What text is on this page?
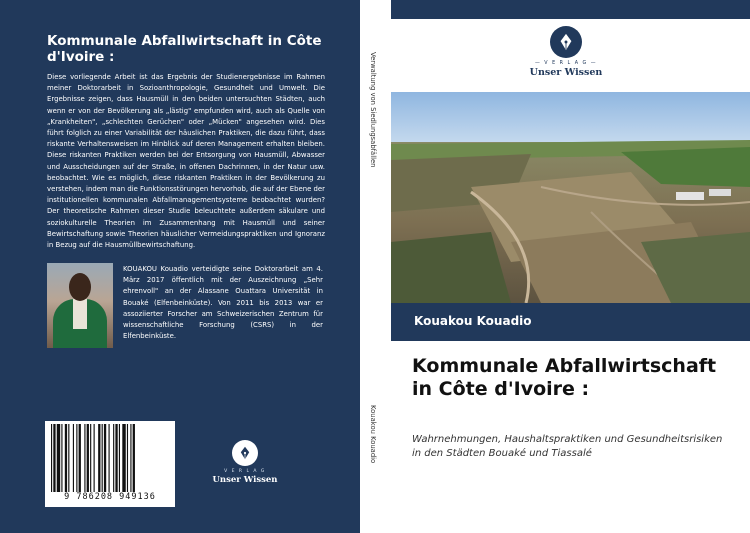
Kommunale Abfallwirtschaft in Côte d'Ivoire :

Diese vorliegende Arbeit ist das Ergebnis der Studienergebnisse im Rahmen meiner Doktorarbeit in Sozioanthropologie, Gesundheit und Umwelt. Die Ergebnisse zeigen, dass Hausmüll in den beiden untersuchten Städten, auch wenn er von der Bevölkerung als „lästig" empfunden wird, auch als Quelle von „Krankheiten", „schlechten Gerüchen" oder „Mücken" angesehen wird. Dies führt folglich zu einer Variabilität der häuslichen Praktiken, die dazu führt, dass riskante Verhaltensweisen im Hinblick auf deren Management erhalten bleiben. Diese riskanten Praktiken werden bei der Entsorgung von Hausmüll, Abwasser und Ausscheidungen auf der Straße, in offenen Dachrinnen, in der Natur usw. beobachtet. Wie es möglich, diese riskanten Praktiken in der Bevölkerung zu verstehen, indem man die Funktionsstörungen hervorhob, die auf der Ebene der institutionellen kommunalen Abfallmanagementsysteme beobachtet wurden? Der theoretische Rahmen dieser Studie beleuchtete außerdem säkulare und soziokulturelle Theorien im Zusammenhang mit Hausmüll und seiner Bewirtschaftung sowie Theorien häuslicher Vermeidungspraktiken und Ignoranz in Bezug auf die Hausmüllbewirtschaftung.

KOUAKOU Kouadio verteidigte seine Doktorarbeit am 4. März 2017 öffentlich mit der Auszeichnung „Sehr ehrenvoll" an der Alassane Ouattara Universität in Bouaké (Elfenbeinküste). Von 2011 bis 2013 war er assoziierter Forscher am Schweizerischen Zentrum für wissenschaftliche Forschung (CSRS) in der Elfenbeinküste.

9 786208 949136
V E R L A G
Unser Wissen
Verwaltung von Siedlungsabfällen
Kouakou Kouadio
— V E R L A G —
Unser Wissen

Kouakou Kouadio

Kommunale Abfallwirtschaft in Côte d'Ivoire :

Wahrnehmungen, Haushaltspraktiken und Gesundheitsrisiken in den Städten Bouaké und Tiassalé
